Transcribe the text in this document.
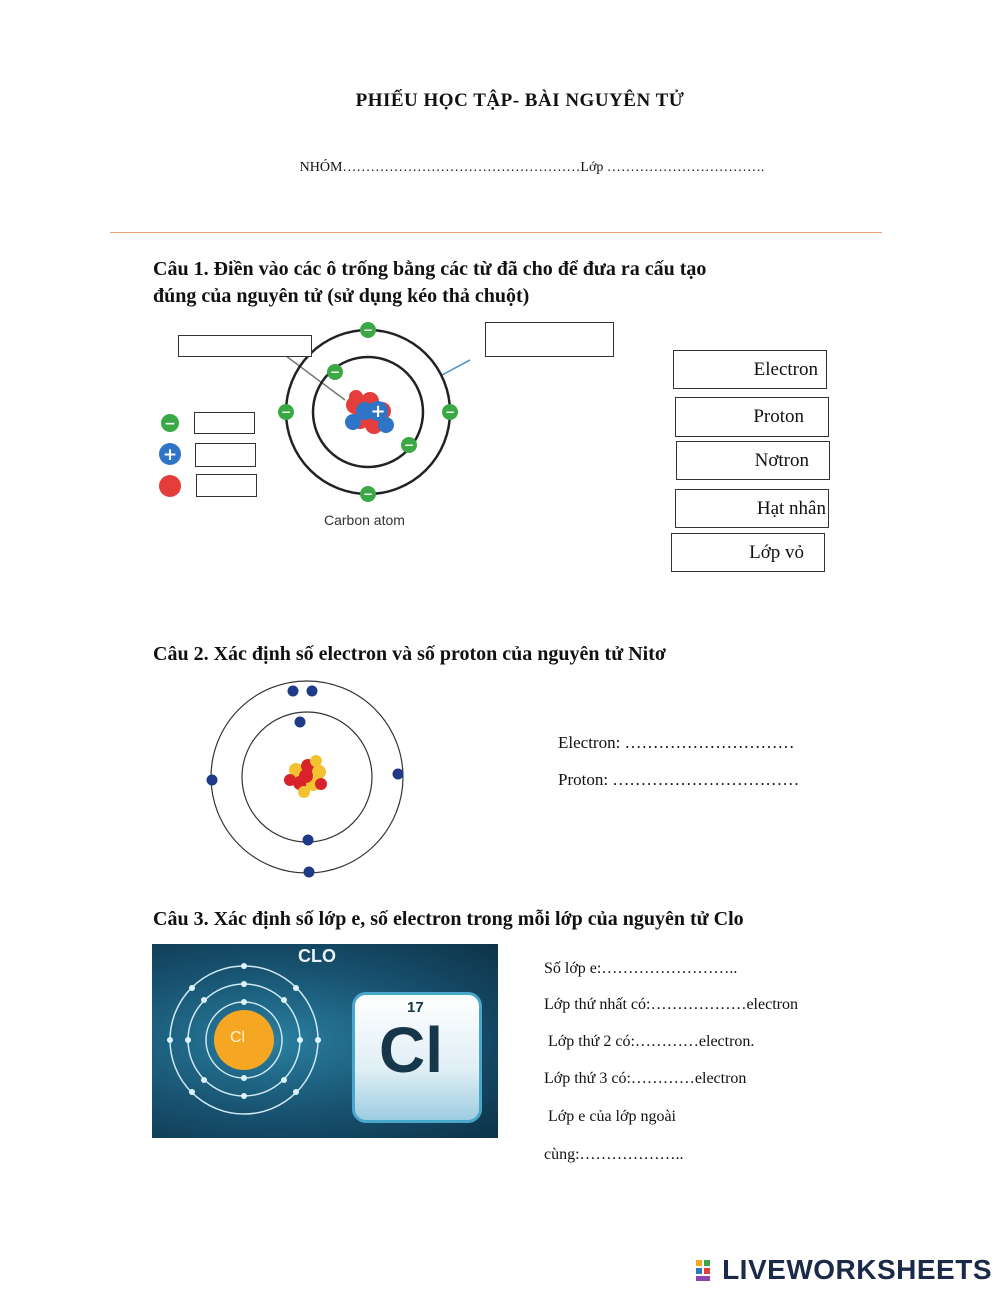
PHIẾU HỌC TẬP- BÀI NGUYÊN TỬ
NHÓM……………………………………………Lớp …………………………….
Câu 1. Điền vào các ô trống bằng các từ đã cho để đưa ra cấu tạo
đúng của nguyên tử (sử dụng kéo thả chuột)
+
−
−	−
−
−
−
Carbon atom
−
+
Electron
Proton
Nơtron
Hạt nhân
Lớp vỏ
Câu 2. Xác định số electron và số proton của nguyên tử Nitơ
Electron: …………………………
Proton: ……………………………
Câu 3. Xác định số lớp e, số electron trong mỗi lớp của nguyên tử Clo
CLO
Cl
17
Cl
Số lớp e:……………………..
Lớp thứ nhất có:………………electron
Lớp thứ 2 có:…………electron.
Lớp thứ 3 có:…………electron
Lớp e của lớp ngoài
cùng:………………..
LIVEWORKSHEETS
